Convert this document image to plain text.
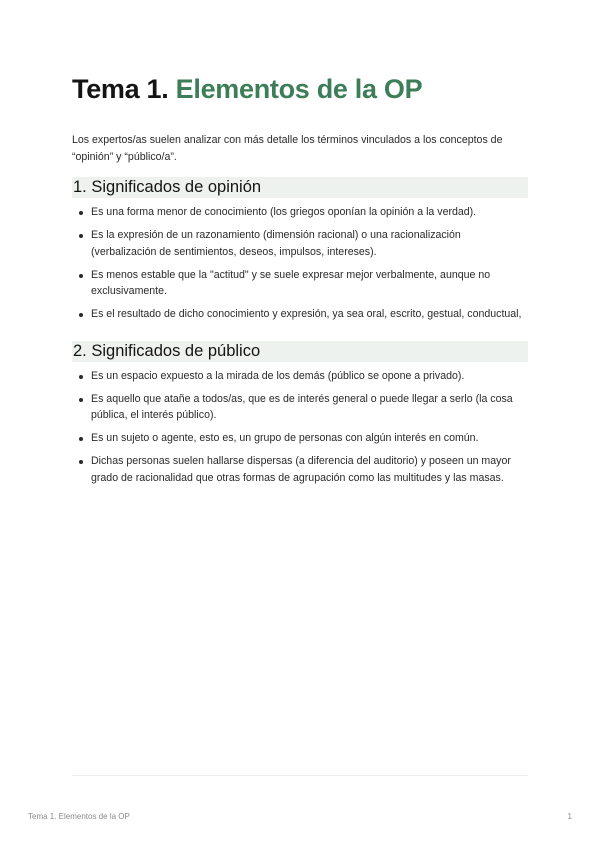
Tema 1. Elementos de la OP

Los expertos/as suelen analizar con más detalle los términos vinculados a los conceptos de “opinión” y “público/a”.

1. Significados de opinión
Es una forma menor de conocimiento (los griegos oponían la opinión a la verdad).
Es la expresión de un razonamiento (dimensión racional) o una racionalización (verbalización de sentimientos, deseos, impulsos, intereses).
Es menos estable que la "actitud" y se suele expresar mejor verbalmente, aunque no exclusivamente.
Es el resultado de dicho conocimiento y expresión, ya sea oral, escrito, gestual, conductual,
2. Significados de público
Es un espacio expuesto a la mirada de los demás (público se opone a privado).
Es aquello que atañe a todos/as, que es de interés general o puede llegar a serlo (la cosa pública, el interés público).
Es un sujeto o agente, esto es, un grupo de personas con algún interés en común.
Dichas personas suelen hallarse dispersas (a diferencia del auditorio) y poseen un mayor grado de racionalidad que otras formas de agrupación como las multitudes y las masas.
Tema 1. Elementos de la OP	1
